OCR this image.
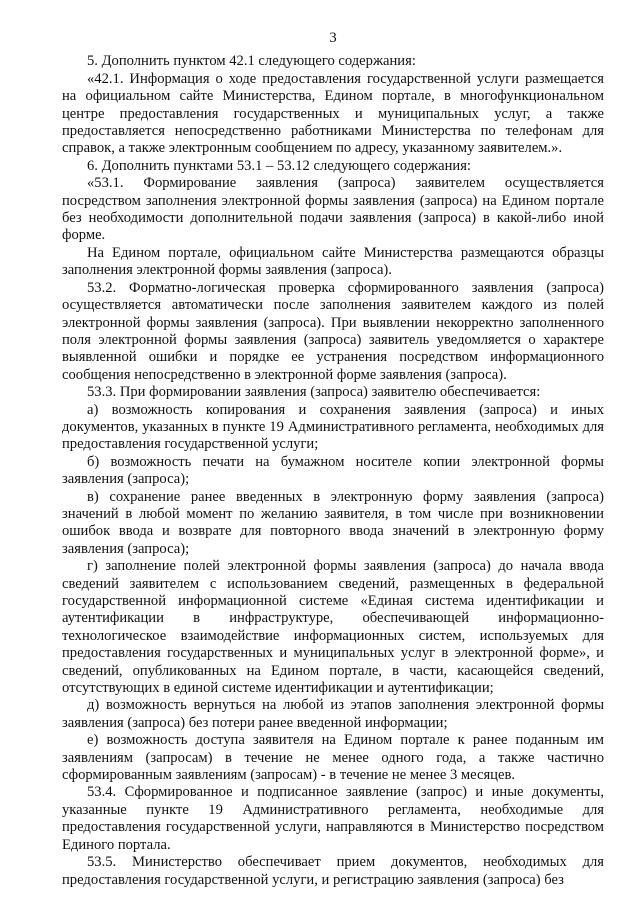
3

5. Дополнить пунктом 42.1 следующего содержания:

«42.1. Информация о ходе предоставления государственной услуги размещается на официальном сайте Министерства, Едином портале, в многофункциональном центре предоставления государственных и муниципальных услуг, а также предоставляется непосредственно работниками Министерства по телефонам для справок, а также электронным сообщением по адресу, указанному заявителем.».

6. Дополнить пунктами 53.1 – 53.12 следующего содержания:

«53.1. Формирование заявления (запроса) заявителем осуществляется посредством заполнения электронной формы заявления (запроса) на Едином портале без необходимости дополнительной подачи заявления (запроса) в какой-либо иной форме.

На Едином портале, официальном сайте Министерства размещаются образцы заполнения электронной формы заявления (запроса).

53.2. Форматно-логическая проверка сформированного заявления (запроса) осуществляется автоматически после заполнения заявителем каждого из полей электронной формы заявления (запроса). При выявлении некорректно заполненного поля электронной формы заявления (запроса) заявитель уведомляется о характере выявленной ошибки и порядке ее устранения посредством информационного сообщения непосредственно в электронной форме заявления (запроса).

53.3. При формировании заявления (запроса) заявителю обеспечивается:

а) возможность копирования и сохранения заявления (запроса) и иных документов, указанных в пункте 19 Административного регламента, необходимых для предоставления государственной услуги;

б) возможность печати на бумажном носителе копии электронной формы заявления (запроса);

в) сохранение ранее введенных в электронную форму заявления (запроса) значений в любой момент по желанию заявителя, в том числе при возникновении ошибок ввода и возврате для повторного ввода значений в электронную форму заявления (запроса);

г) заполнение полей электронной формы заявления (запроса) до начала ввода сведений заявителем с использованием сведений, размещенных в федеральной государственной информационной системе «Единая система идентификации и аутентификации в инфраструктуре, обеспечивающей информационно-технологическое взаимодействие информационных систем, используемых для предоставления государственных и муниципальных услуг в электронной форме», и сведений, опубликованных на Едином портале, в части, касающейся сведений, отсутствующих в единой системе идентификации и аутентификации;

д) возможность вернуться на любой из этапов заполнения электронной формы заявления (запроса) без потери ранее введенной информации;

е) возможность доступа заявителя на Едином портале к ранее поданным им заявлениям (запросам) в течение не менее одного года, а также частично сформированным заявлениям (запросам) - в течение не менее 3 месяцев.

53.4. Сформированное и подписанное заявление (запрос) и иные документы, указанные пункте 19 Административного регламента, необходимые для предоставления государственной услуги, направляются в Министерство посредством Единого портала.

53.5. Министерство обеспечивает прием документов, необходимых для предоставления государственной услуги, и регистрацию заявления (запроса) без
